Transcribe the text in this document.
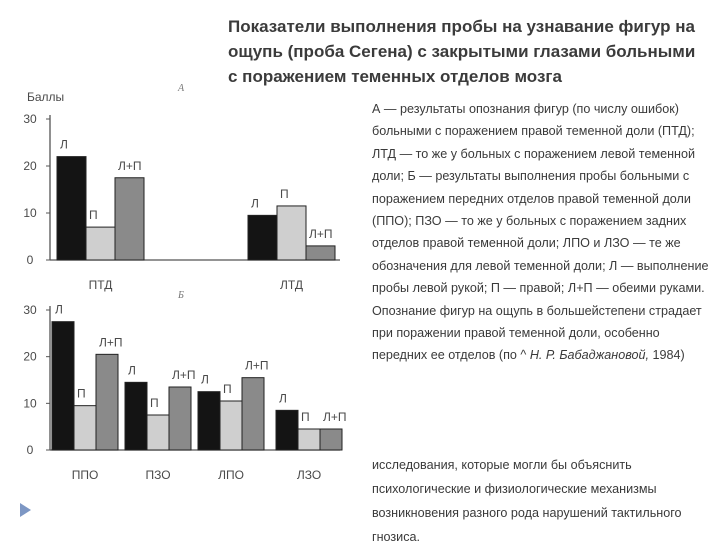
Показатели выполнения пробы на узнавание фигур на ощупь (проба Сегена) с закрытыми глазами больными с поражением теменных отделов мозга
А — результаты опознания фигур (по числу ошибок) больными с поражением правой теменной доли (ПТД); ЛТД — то же у больных с поражением левой теменной доли; Б — результаты выполнения пробы больными с поражением передних отделов правой теменной доли (ППО); ПЗО — то же у больных с поражением задних отделов правой теменной доли; ЛПО и ЛЗО — те же обозначения для левой теменной доли; Л — выполнение пробы левой рукой; П — правой; Л+П — обеими руками. Опознание фигур на ощупь в большейстепени страдает при поражении правой теменной доли, особенно передних ее отделов (по ^ Н. Р. Бабаджановой, 1984)
исследования, которые могли бы объяснить психологические и физиологические механизмы возникновения разного рода нарушений тактильного гнозиса.
А
Баллы
0
10
20
30
Л
П
Л+П
ПТД
Л
П
Л+П
ЛТД
Б
0
10
20
30 Л
П
Л+П
ППО
Л
П
Л+П
ПЗО
Л
П
Л+П
ЛПО
Л
П Л+П
ЛЗО
